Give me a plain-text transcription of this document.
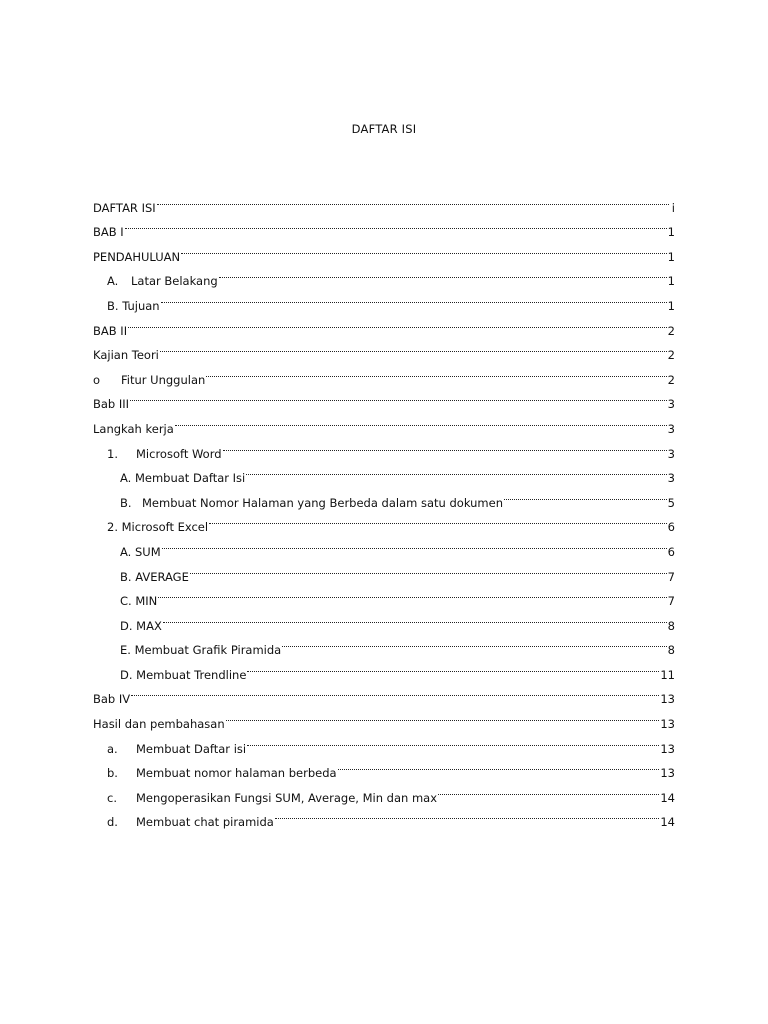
DAFTAR ISI
DAFTAR ISI	i
BAB I	1
PENDAHULUAN	1
A.	Latar Belakang	1
B. Tujuan	1
BAB II	2
Kajian Teori	2
o	Fitur Unggulan	2
Bab III	3
Langkah kerja	3
1.	Microsoft Word	3
A. Membuat Daftar Isi	3
B. Membuat Nomor Halaman yang Berbeda dalam satu dokumen	5
2. Microsoft Excel	6
A. SUM	6
B. AVERAGE	7
C. MIN	7
D. MAX	8
E. Membuat Grafik Piramida	8
D. Membuat Trendline	11
Bab IV	13
Hasil dan pembahasan	13
a.	Membuat Daftar isi	13
b.	Membuat nomor halaman berbeda	13
c.	Mengoperasikan Fungsi SUM, Average, Min dan max	14
d.	Membuat chat piramida	14
